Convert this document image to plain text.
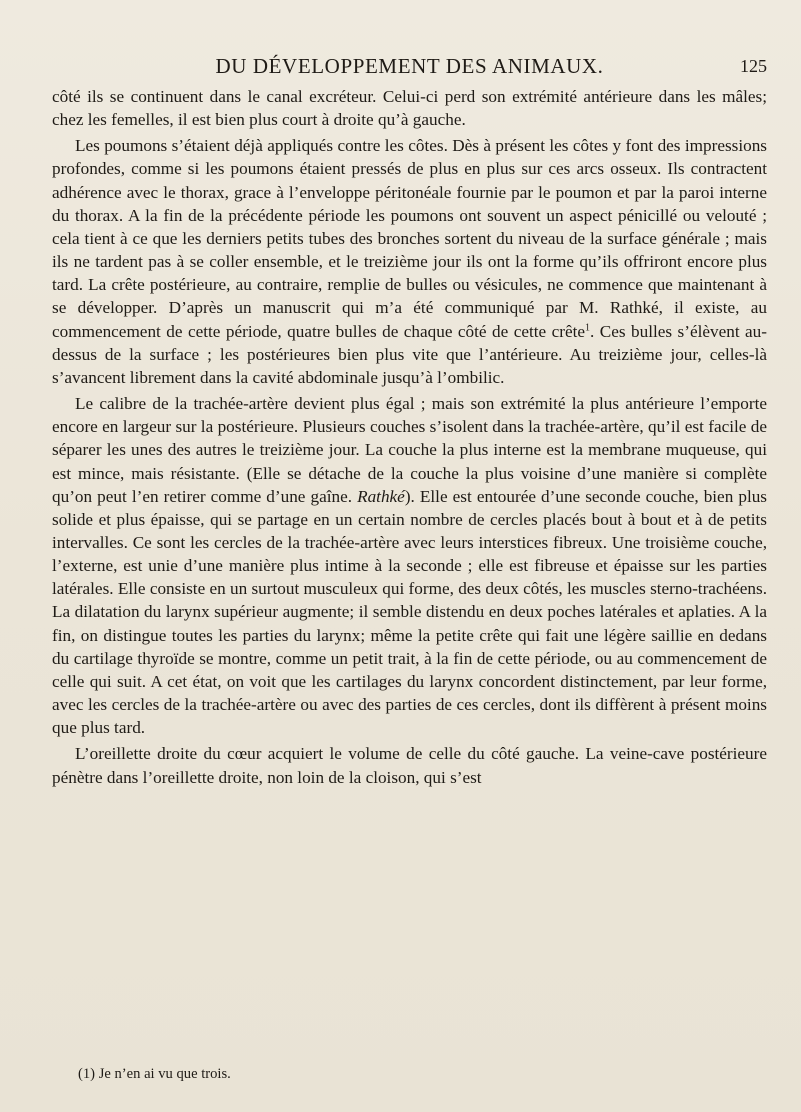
DU DÉVELOPPEMENT DES ANIMAUX.	125

côté ils se continuent dans le canal excréteur. Celui-ci perd son extrémité antérieure dans les mâles; chez les femelles, il est bien plus court à droite qu’à gauche.

Les poumons s’étaient déjà appliqués contre les côtes. Dès à présent les côtes y font des impressions profondes, comme si les poumons étaient pressés de plus en plus sur ces arcs osseux. Ils contractent adhérence avec le thorax, grace à l’enveloppe péritonéale fournie par le poumon et par la paroi interne du thorax. A la fin de la précédente période les poumons ont souvent un aspect pénicillé ou velouté ; cela tient à ce que les derniers petits tubes des bronches sortent du niveau de la surface générale ; mais ils ne tardent pas à se coller ensemble, et le treizième jour ils ont la forme qu’ils offriront encore plus tard. La crête postérieure, au contraire, remplie de bulles ou vésicules, ne commence que maintenant à se développer. D’après un manuscrit qui m’a été communiqué par M. Rathké, il existe, au commencement de cette période, quatre bulles de chaque côté de cette crête$^1$. Ces bulles s’élèvent au-dessus de la surface ; les postérieures bien plus vite que l’antérieure. Au treizième jour, celles-là s’avancent librement dans la cavité abdominale jusqu’à l’ombilic.

Le calibre de la trachée-artère devient plus égal ; mais son extrémité la plus antérieure l’emporte encore en largeur sur la postérieure. Plusieurs couches s’isolent dans la trachée-artère, qu’il est facile de séparer les unes des autres le treizième jour. La couche la plus interne est la membrane muqueuse, qui est mince, mais résistante. (Elle se détache de la couche la plus voisine d’une manière si complète qu’on peut l’en retirer comme d’une gaîne. Rathké). Elle est entourée d’une seconde couche, bien plus solide et plus épaisse, qui se partage en un certain nombre de cercles placés bout à bout et à de petits intervalles. Ce sont les cercles de la trachée-artère avec leurs interstices fibreux. Une troisième couche, l’externe, est unie d’une manière plus intime à la seconde ; elle est fibreuse et épaisse sur les parties latérales. Elle consiste en un surtout musculeux qui forme, des deux côtés, les muscles sterno-trachéens. La dilatation du larynx supérieur augmente; il semble distendu en deux poches latérales et aplaties. A la fin, on distingue toutes les parties du larynx; même la petite crête qui fait une légère saillie en dedans du cartilage thyroïde se montre, comme un petit trait, à la fin de cette période, ou au commencement de celle qui suit. A cet état, on voit que les cartilages du larynx concordent distinctement, par leur forme, avec les cercles de la trachée-artère ou avec des parties de ces cercles, dont ils diffèrent à présent moins que plus tard.

L’oreillette droite du cœur acquiert le volume de celle du côté gauche. La veine-cave postérieure pénètre dans l’oreillette droite, non loin de la cloison, qui s’est

(1) Je n’en ai vu que trois.
